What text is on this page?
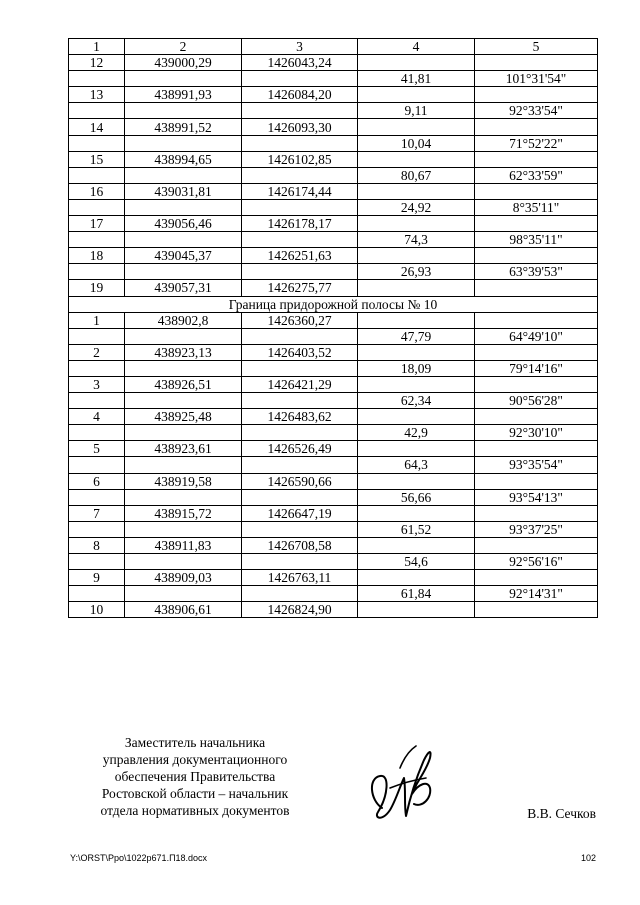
1	2	3	4	5
12	439000,29	1426043,24		
			41,81	101°31'54"
13	438991,93	1426084,20		
			9,11	92°33'54"
14	438991,52	1426093,30		
			10,04	71°52'22"
15	438994,65	1426102,85		
			80,67	62°33'59"
16	439031,81	1426174,44		
			24,92	8°35'11"
17	439056,46	1426178,17		
			74,3	98°35'11"
18	439045,37	1426251,63		
			26,93	63°39'53"
19	439057,31	1426275,77		
Граница придорожной полосы № 10				
1	438902,8	1426360,27		
			47,79	64°49'10"
2	438923,13	1426403,52		
			18,09	79°14'16"
3	438926,51	1426421,29		
			62,34	90°56'28"
4	438925,48	1426483,62		
			42,9	92°30'10"
5	438923,61	1426526,49		
			64,3	93°35'54"
6	438919,58	1426590,66		
			56,66	93°54'13"
7	438915,72	1426647,19		
			61,52	93°37'25"
8	438911,83	1426708,58		
			54,6	92°56'16"
9	438909,03	1426763,11		
			61,84	92°14'31"
10	438906,61	1426824,90		
Заместитель начальника
управления документационного
обеспечения Правительства
Ростовской области – начальник
отдела нормативных документов	В.В. Сечков
Y:\ORST\Ppo\1022p671.П18.docx	102
